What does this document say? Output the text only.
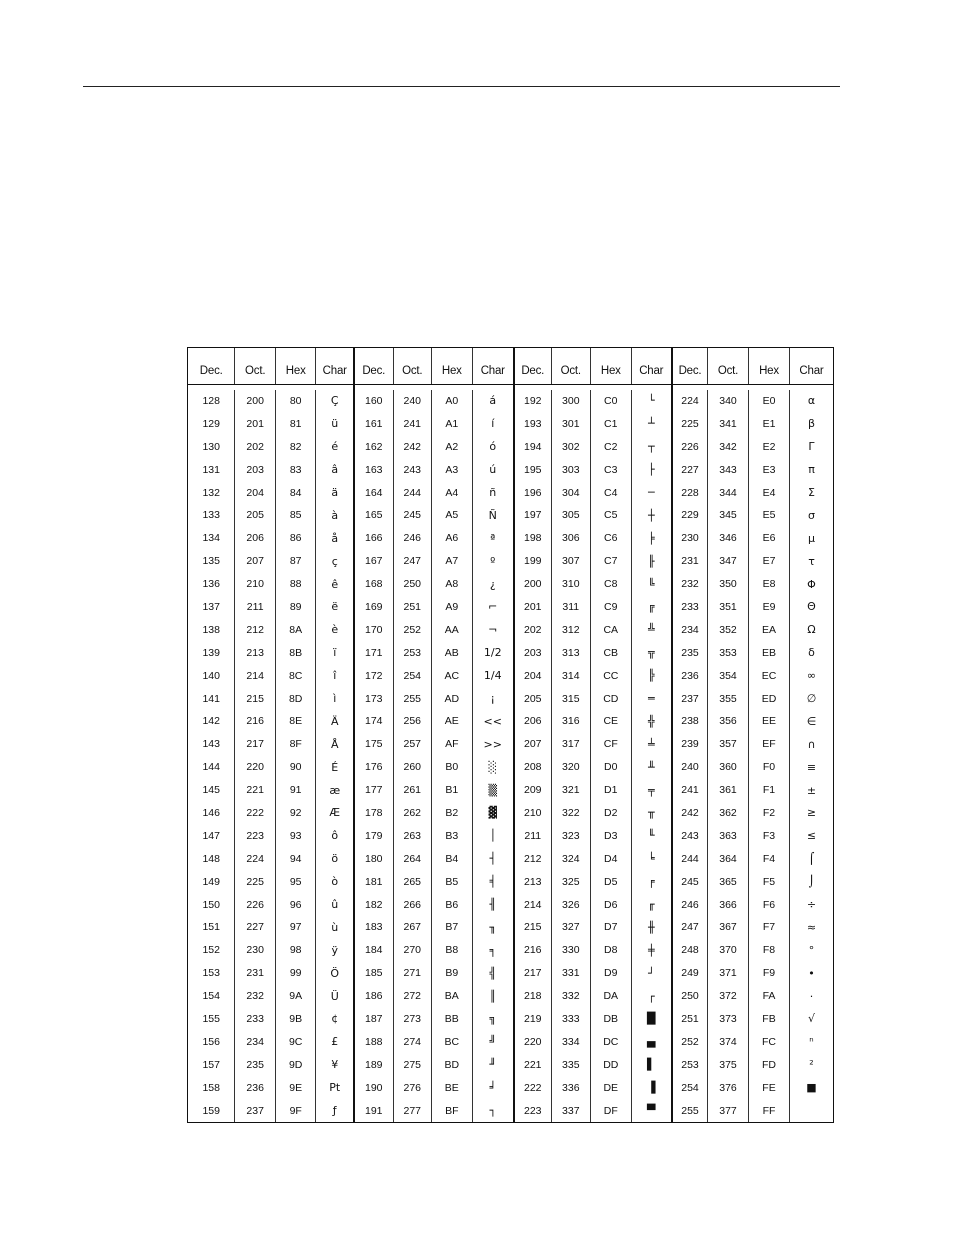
Dec.	Oct.	Hex	Char
128	200	80	Ç
129	201	81	ü
130	202	82	é
131	203	83	â
132	204	84	ä
133	205	85	à
134	206	86	å
135	207	87	ç
136	210	88	ê
137	211	89	ë
138	212	8A	è
139	213	8B	ï
140	214	8C	î
141	215	8D	ì
142	216	8E	Ä
143	217	8F	Å
144	220	90	É
145	221	91	æ
146	222	92	Æ
147	223	93	ô
148	224	94	ö
149	225	95	ò
150	226	96	û
151	227	97	ù
152	230	98	ÿ
153	231	99	Ö
154	232	9A	Ü
155	233	9B	¢
156	234	9C	£
157	235	9D	¥
158	236	9E	Pt
159	237	9F	ƒ
Dec.	Oct.	Hex	Char
160	240	A0	á
161	241	A1	í
162	242	A2	ó
163	243	A3	ú
164	244	A4	ñ
165	245	A5	Ñ
166	246	A6	ª
167	247	A7	º
168	250	A8	¿
169	251	A9	⌐
170	252	AA	¬
171	253	AB	1/2
172	254	AC	1/4
173	255	AD	¡
174	256	AE	<<
175	257	AF	>>
176	260	B0	░
177	261	B1	▒
178	262	B2	▓
179	263	B3	│
180	264	B4	┤
181	265	B5	╡
182	266	B6	╢
183	267	B7	╖
184	270	B8	╕
185	271	B9	╣
186	272	BA	║
187	273	BB	╗
188	274	BC	╝
189	275	BD	╜
190	276	BE	╛
191	277	BF	┐
Dec.	Oct.	Hex	Char
192	300	C0	└
193	301	C1	┴
194	302	C2	┬
195	303	C3	├
196	304	C4	─
197	305	C5	┼
198	306	C6	╞
199	307	C7	╟
200	310	C8	╚
201	311	C9	╔
202	312	CA	╩
203	313	CB	╦
204	314	CC	╠
205	315	CD	═
206	316	CE	╬
207	317	CF	╧
208	320	D0	╨
209	321	D1	╤
210	322	D2	╥
211	323	D3	╙
212	324	D4	╘
213	325	D5	╒
214	326	D6	╓
215	327	D7	╫
216	330	D8	╪
217	331	D9	┘
218	332	DA	┌
219	333	DB	█
220	334	DC	▄
221	335	DD	▌
222	336	DE	▐
223	337	DF	▀
Dec.	Oct.	Hex	Char
224	340	E0	α
225	341	E1	β
226	342	E2	Γ
227	343	E3	π
228	344	E4	Σ
229	345	E5	σ
230	346	E6	μ
231	347	E7	τ
232	350	E8	Φ
233	351	E9	Θ
234	352	EA	Ω
235	353	EB	δ
236	354	EC	∞
237	355	ED	∅
238	356	EE	∈
239	357	EF	∩
240	360	F0	≡
241	361	F1	±
242	362	F2	≥
243	363	F3	≤
244	364	F4	⌠
245	365	F5	⌡
246	366	F6	÷
247	367	F7	≈
248	370	F8	°
249	371	F9	•
250	372	FA	·
251	373	FB	√
252	374	FC	ⁿ
253	375	FD	²
254	376	FE	■
255	377	FF
